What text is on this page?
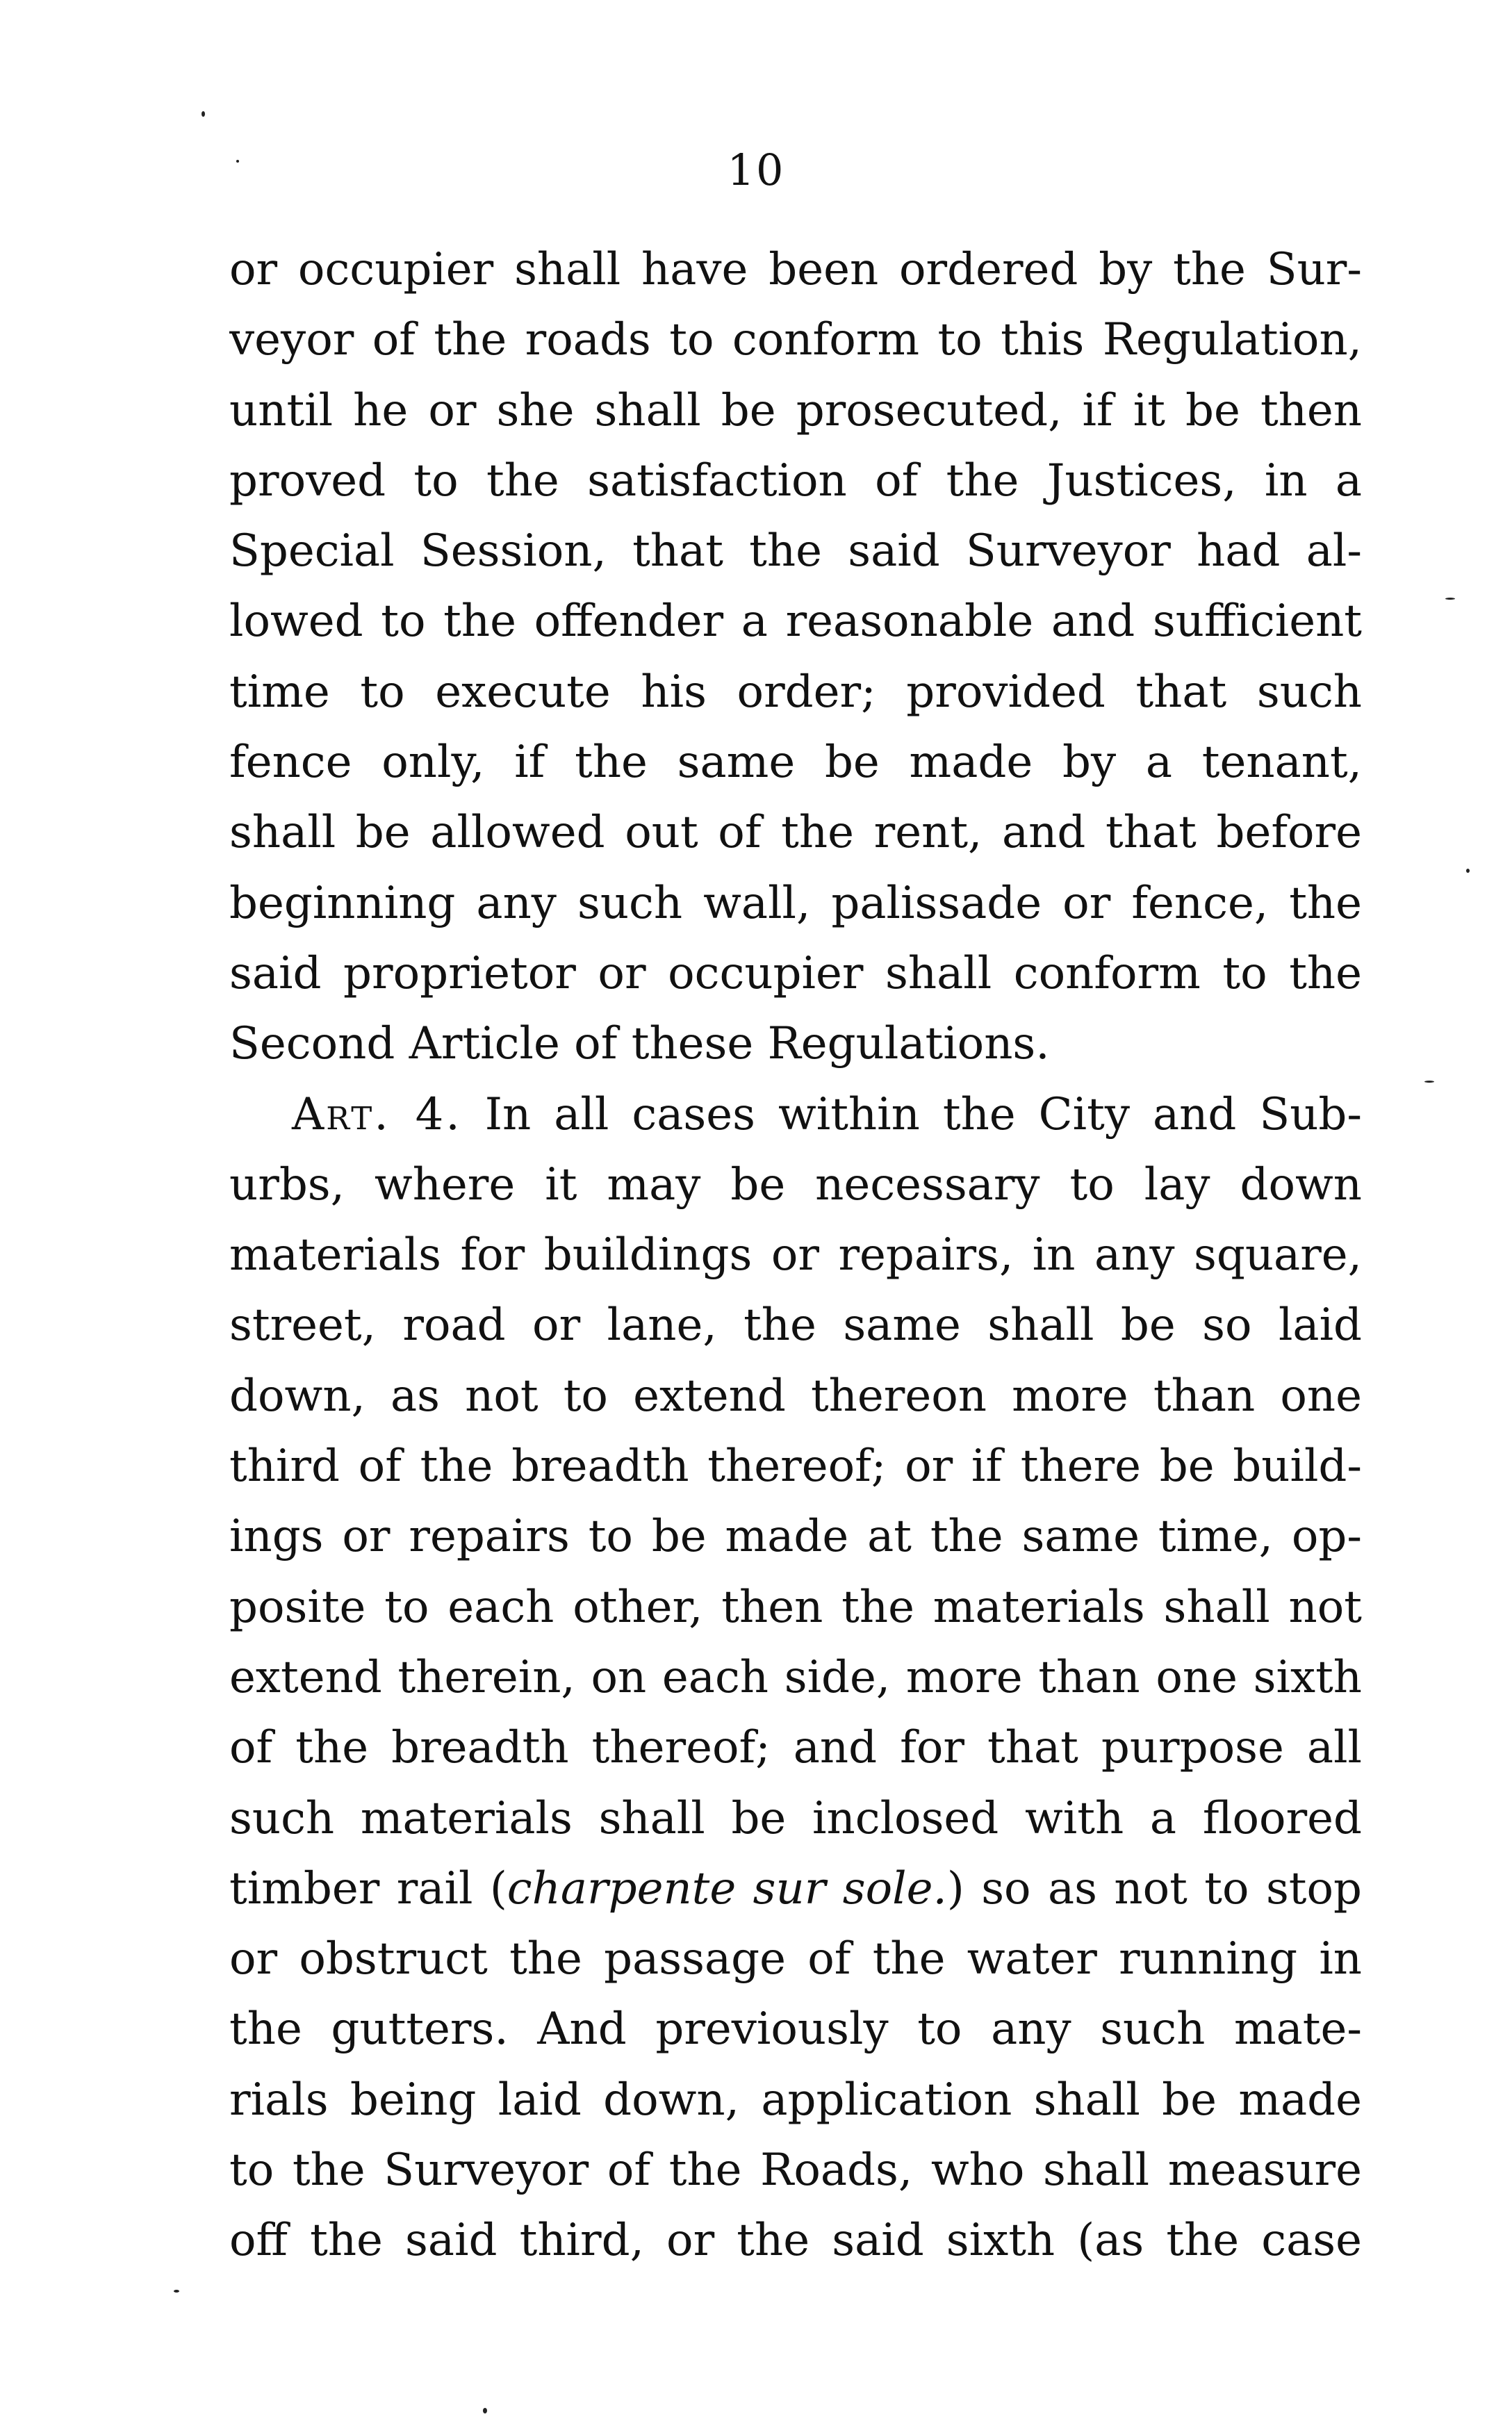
10
or occupier shall have been ordered by the Sur-
veyor of the roads to conform to this Regulation,
until he or she shall be prosecuted, if it be then
proved to the satisfaction of the Justices, in a
Special Session, that the said Surveyor had al-
lowed to the offender a reasonable and sufficient
time to execute his order; provided that such
fence only, if the same be made by a tenant,
shall be allowed out of the rent, and that before
beginning any such wall, palissade or fence, the
said proprietor or occupier shall conform to the
Second Article of these Regulations.
Art. 4. In all cases within the City and Sub-
urbs, where it may be necessary to lay down
materials for buildings or repairs, in any square,
street, road or lane, the same shall be so laid
down, as not to extend thereon more than one
third of the breadth thereof; or if there be build-
ings or repairs to be made at the same time, op-
posite to each other, then the materials shall not
extend therein, on each side, more than one sixth
of the breadth thereof; and for that purpose all
such materials shall be inclosed with a floored
timber rail (charpente sur sole.) so as not to stop
or obstruct the passage of the water running in
the gutters. And previously to any such mate-
rials being laid down, application shall be made
to the Surveyor of the Roads, who shall measure
off the said third, or the said sixth (as the case
